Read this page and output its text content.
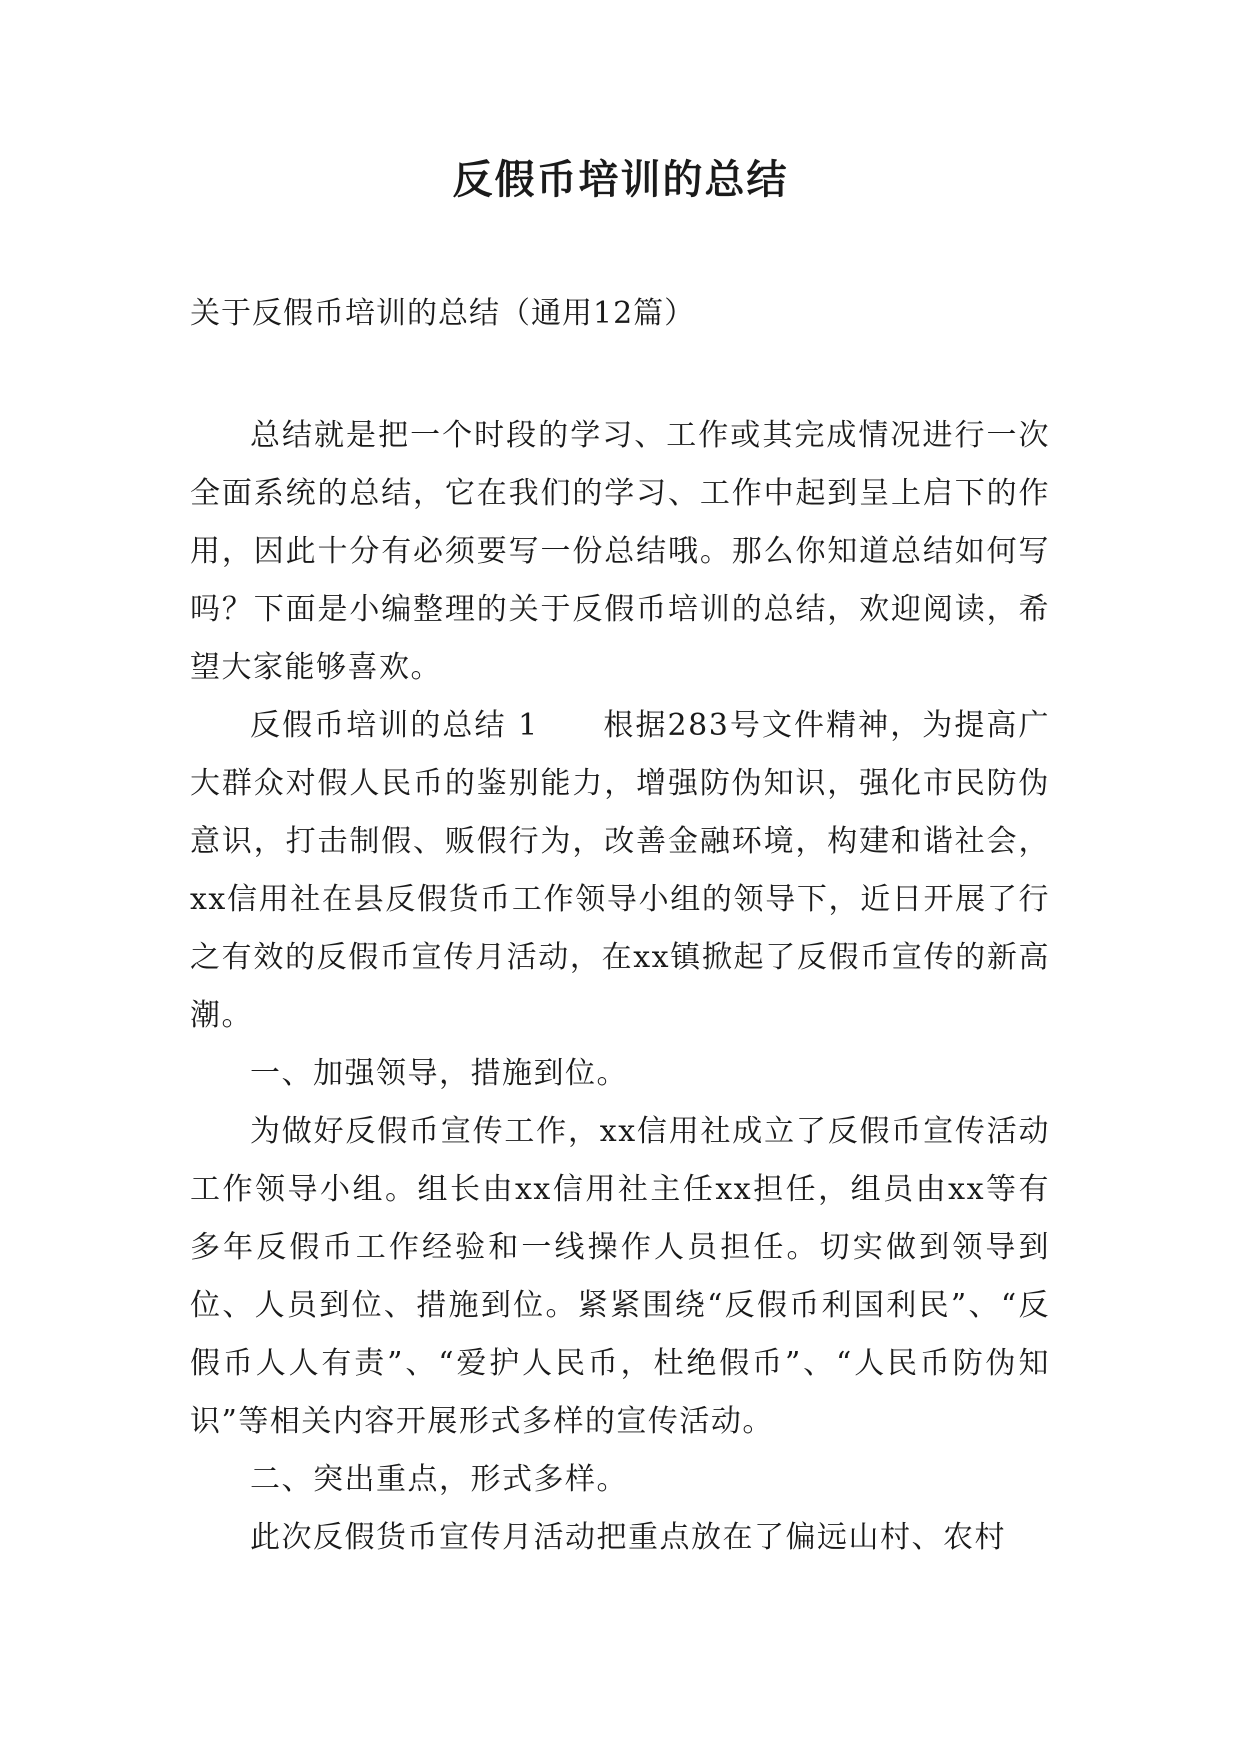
反假币培训的总结

关于反假币培训的总结（通用12篇）

总结就是把一个时段的学习、工作或其完成情况进行一次全面系统的总结，它在我们的学习、工作中起到呈上启下的作用，因此十分有必须要写一份总结哦。那么你知道总结如何写吗？下面是小编整理的关于反假币培训的总结，欢迎阅读，希望大家能够喜欢。

反假币培训的总结 1　　根据283号文件精神，为提高广大群众对假人民币的鉴别能力，增强防伪知识，强化市民防伪意识，打击制假、贩假行为，改善金融环境，构建和谐社会，xx信用社在县反假货币工作领导小组的领导下，近日开展了行之有效的反假币宣传月活动，在xx镇掀起了反假币宣传的新高潮。

一、加强领导，措施到位。

为做好反假币宣传工作，xx信用社成立了反假币宣传活动工作领导小组。组长由xx信用社主任xx担任，组员由xx等有多年反假币工作经验和一线操作人员担任。切实做到领导到位、人员到位、措施到位。紧紧围绕“反假币利国利民”、“反假币人人有责”、“爱护人民币，杜绝假币”、“人民币防伪知识”等相关内容开展形式多样的宣传活动。

二、突出重点，形式多样。

此次反假货币宣传月活动把重点放在了偏远山村、农村
